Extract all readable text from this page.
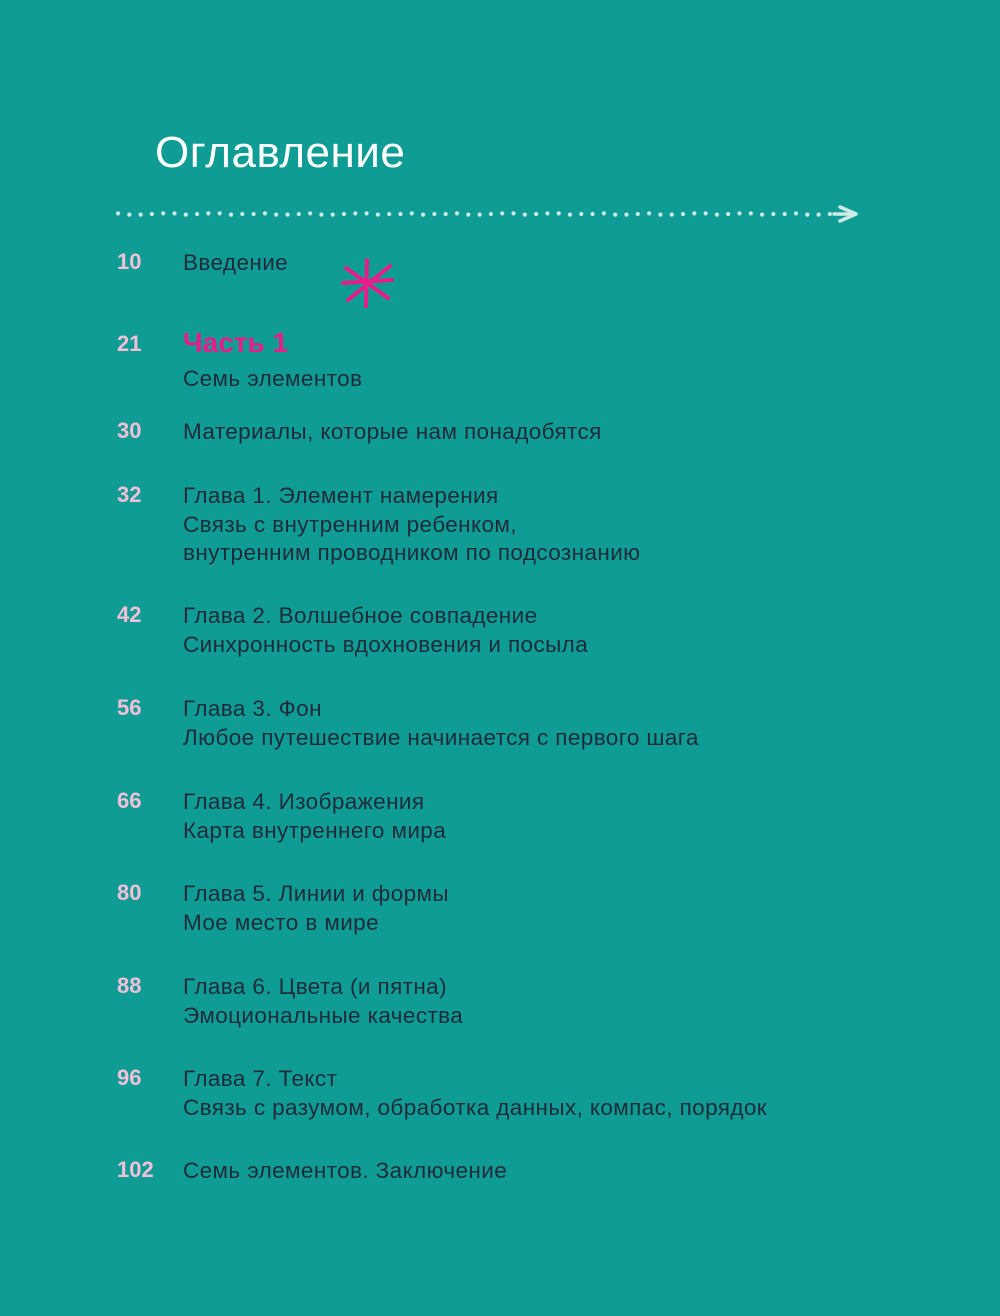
Оглавление
10 Введение
21 Часть 1
Семь элементов
30 Материалы, которые нам понадобятся
32 Глава 1. Элемент намерения
Связь с внутренним ребенком,
внутренним проводником по подсознанию
42 Глава 2. Волшебное совпадение
Синхронность вдохновения и посыла
56 Глава 3. Фон
Любое путешествие начинается с первого шага
66 Глава 4. Изображения
Карта внутреннего мира
80 Глава 5. Линии и формы
Мое место в мире
88 Глава 6. Цвета (и пятна)
Эмоциональные качества
96 Глава 7. Текст
Связь с разумом, обработка данных, компас, порядок
102 Семь элементов. Заключение
